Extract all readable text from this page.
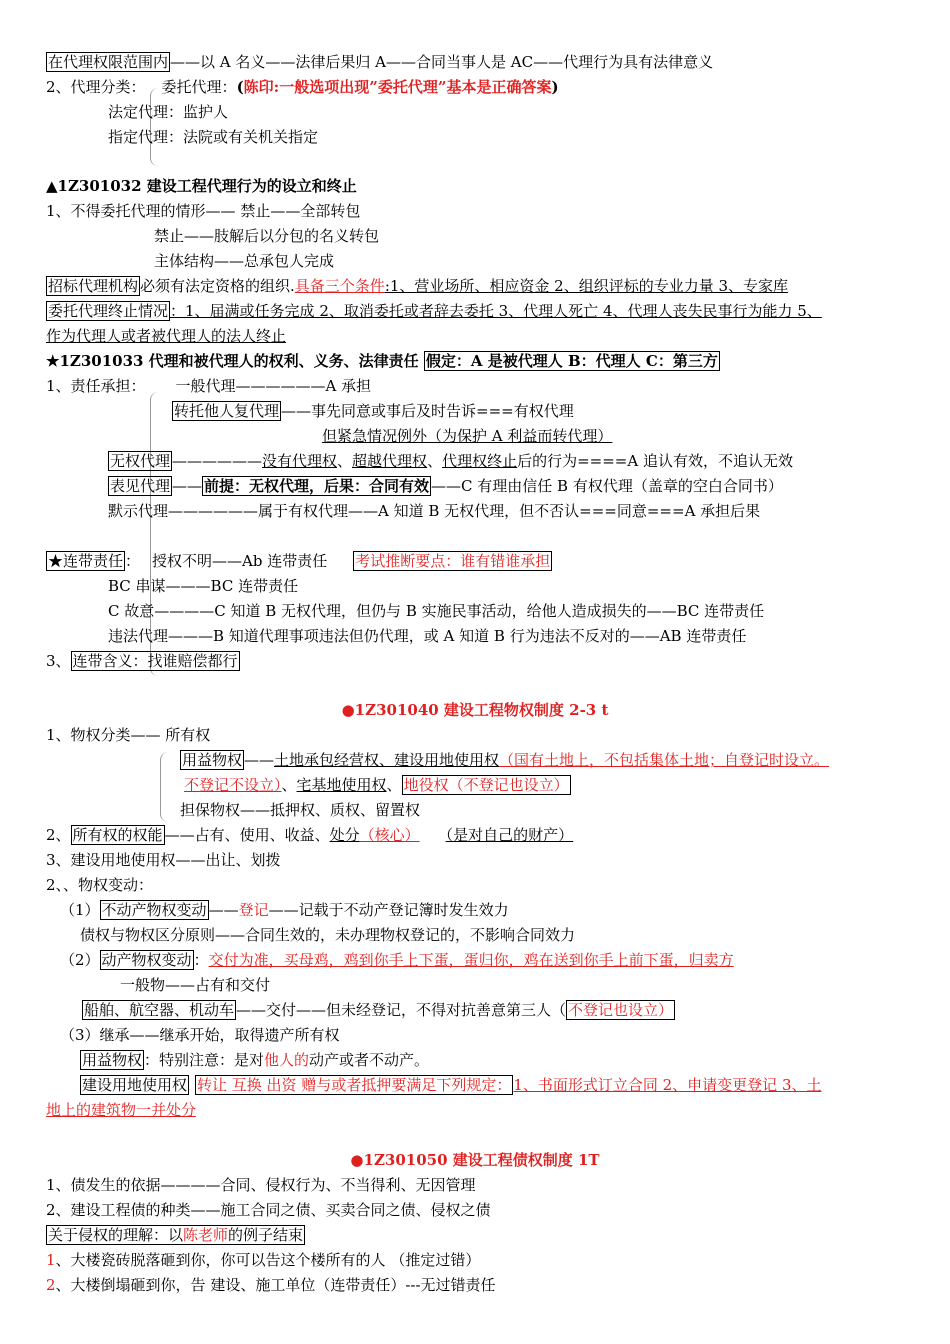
在代理权限范围内 ——以 A 名义——法律后果归 A——合同当事人是 AC——代理行为具有法律意义
2、代理分类： 委托代理：(陈印:一般选项出现”委托代理”基本是正确答案)
法定代理：监护人
指定代理：法院或有关机关指定
▲1Z301032 建设工程代理行为的设立和终止
1、不得委托代理的情形—— 禁止——全部转包
禁止——肢解后以分包的名义转包
主体结构——总承包人完成
招标代理机构 必须有法定资格的组织.具备三个条件:1、营业场所、相应资金 2、组织评标的专业力量 3、专家库
委托代理终止情况 ：1、届满或任务完成 2、取消委托或者辞去委托 3、代理人死亡 4、代理人丧失民事行为能力 5、
作为代理人或者被代理人的法人终止
★1Z301033 代理和被代理人的权利、义务、法律责任 假定：A 是被代理人 B：代理人 C：第三方
1、责任承担： 一般代理——————A 承担
转托他人复代理 ——事先同意或事后及时告诉===有权代理
但紧急情况例外（为保护 A 利益而转代理）
无权代理 ——————没有代理权、超越代理权、代理权终止后的行为====A 追认有效，不追认无效
表见代理 —— 前提：无权代理，后果：合同有效 ——C 有理由信任 B 有权代理（盖章的空白合同书）
默示代理——————属于有权代理——A 知道 B 无权代理，但不否认===同意===A 承担后果
★连带责任 ： 授权不明——Ab 连带责任 考试推断要点：谁有错谁承担
BC 串谋———BC 连带责任
C 故意————C 知道 B 无权代理，但仍与 B 实施民事活动，给他人造成损失的——BC 连带责任
违法代理———B 知道代理事项违法但仍代理，或 A 知道 B 行为违法不反对的——AB 连带责任
3、 连带含义：找谁赔偿都行
●1Z301040 建设工程物权制度 2-3 t
1、物权分类—— 所有权
用益物权 ——土地承包经营权、建设用地使用权（国有土地上，不包括集体土地；自登记时设立。
不登记不设立）、宅基地使用权、 地役权（不登记也设立）
担保物权——抵押权、质权、留置权
2、 所有权的权能 ——占有、使用、收益、处分（核心） （是对自己的财产）
3、建设用地使用权——出让、划拨
2、、物权变动：
（1） 不动产物权变动 ——登记——记载于不动产登记簿时发生效力
债权与物权区分原则——合同生效的，未办理物权登记的，不影响合同效力
（2） 动产物权变动 ：交付为准，买母鸡，鸡到你手上下蛋，蛋归你，鸡在送到你手上前下蛋，归卖方
一般物——占有和交付
船舶、航空器、机动车 ——交付——但未经登记，不得对抗善意第三人（ 不登记也设立）
（3）继承——继承开始，取得遗产所有权
用益物权 ：特别注意：是对他人的动产或者不动产。
建设用地使用权 转让 互换 出资 赠与或者抵押要满足下列规定： 1、书面形式订立合同 2、申请变更登记 3、土
地上的建筑物一并处分
●1Z301050 建设工程债权制度 1T
1、债发生的依据————合同、侵权行为、不当得利、无因管理
2、建设工程债的种类——施工合同之债、买卖合同之债、侵权之债
关于侵权的理解：以陈老师的例子结束
1、大楼瓷砖脱落砸到你，你可以告这个楼所有的人 （推定过错）
2、大楼倒塌砸到你，告 建设、施工单位（连带责任）---无过错责任
